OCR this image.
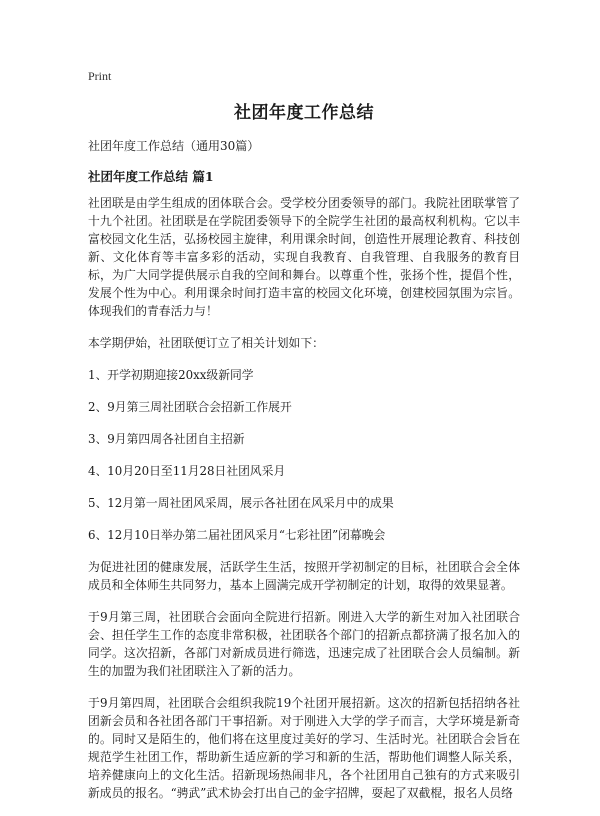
Print
社团年度工作总结
社团年度工作总结（通用30篇）
社团年度工作总结 篇1

社团联是由学生组成的团体联合会。受学校分团委领导的部门。我院社团联掌管了十九个社团。社团联是在学院团委领导下的全院学生社团的最高权利机构。它以丰富校园文化生活，弘扬校园主旋律，利用课余时间，创造性开展理论教育、科技创新、文化体育等丰富多彩的活动，实现自我教育、自我管理、自我服务的教育目标，为广大同学提供展示自我的空间和舞台。以尊重个性，张扬个性，提倡个性，发展个性为中心。利用课余时间打造丰富的校园文化环境，创建校园氛围为宗旨。体现我们的青春活力与！

本学期伊始，社团联便订立了相关计划如下：

1、开学初期迎接20xx级新同学
2、9月第三周社团联合会招新工作展开
3、9月第四周各社团自主招新
4、10月20日至11月28日社团风采月
5、12月第一周社团风采周，展示各社团在风采月中的成果
6、12月10日举办第二届社团风采月“七彩社团”闭幕晚会

为促进社团的健康发展，活跃学生生活，按照开学初制定的目标，社团联合会全体成员和全体师生共同努力，基本上圆满完成开学初制定的计划，取得的效果显著。

于9月第三周，社团联合会面向全院进行招新。刚进入大学的新生对加入社团联合会、担任学生工作的态度非常积极，社团联各个部门的招新点都挤满了报名加入的同学。这次招新，各部门对新成员进行筛选，迅速完成了社团联合会人员编制。新生的加盟为我们社团联注入了新的活力。

于9月第四周，社团联合会组织我院19个社团开展招新。这次的招新包括招纳各社团新会员和各社团各部门干事招新。对于刚进入大学的学子而言，大学环境是新奇的。同时又是陌生的，他们将在这里度过美好的学习、生活时光。社团联合会旨在规范学生社团工作，帮助新生适应新的学习和新的生活，帮助他们调整人际关系，培养健康向上的文化生活。招新现场热闹非凡，各个社团用自己独有的方式来吸引新成员的报名。“骋武”武术协会打出自己的金字招牌，耍起了双截棍，报名人员络
